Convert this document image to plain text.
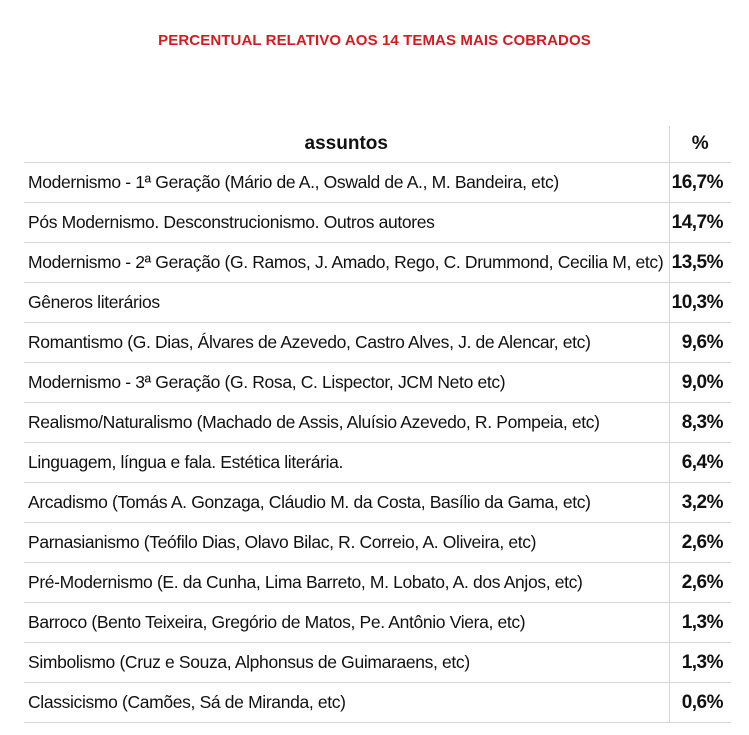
PERCENTUAL RELATIVO AOS 14 TEMAS MAIS COBRADOS
assuntos	%
Modernismo - 1ª Geração (Mário de A., Oswald de A., M. Bandeira, etc)	16,7%
Pós Modernismo. Desconstrucionismo. Outros autores	14,7%
Modernismo - 2ª Geração (G. Ramos, J. Amado, Rego, C. Drummond, Cecilia M, etc)	13,5%
Gêneros literários	10,3%
Romantismo (G. Dias, Álvares de Azevedo, Castro Alves, J. de Alencar, etc)	9,6%
Modernismo - 3ª Geração (G. Rosa, C. Lispector, JCM Neto etc)	9,0%
Realismo/Naturalismo (Machado de Assis, Aluísio Azevedo, R. Pompeia, etc)	8,3%
Linguagem, língua e fala. Estética literária.	6,4%
Arcadismo (Tomás A. Gonzaga, Cláudio M. da Costa, Basílio da Gama, etc)	3,2%
Parnasianismo (Teófilo Dias, Olavo Bilac, R. Correio, A. Oliveira, etc)	2,6%
Pré-Modernismo (E. da Cunha, Lima Barreto, M. Lobato, A. dos Anjos, etc)	2,6%
Barroco (Bento Teixeira, Gregório de Matos, Pe. Antônio Viera, etc)	1,3%
Simbolismo (Cruz e Souza, Alphonsus de Guimaraens, etc)	1,3%
Classicismo (Camões, Sá de Miranda, etc)	0,6%
